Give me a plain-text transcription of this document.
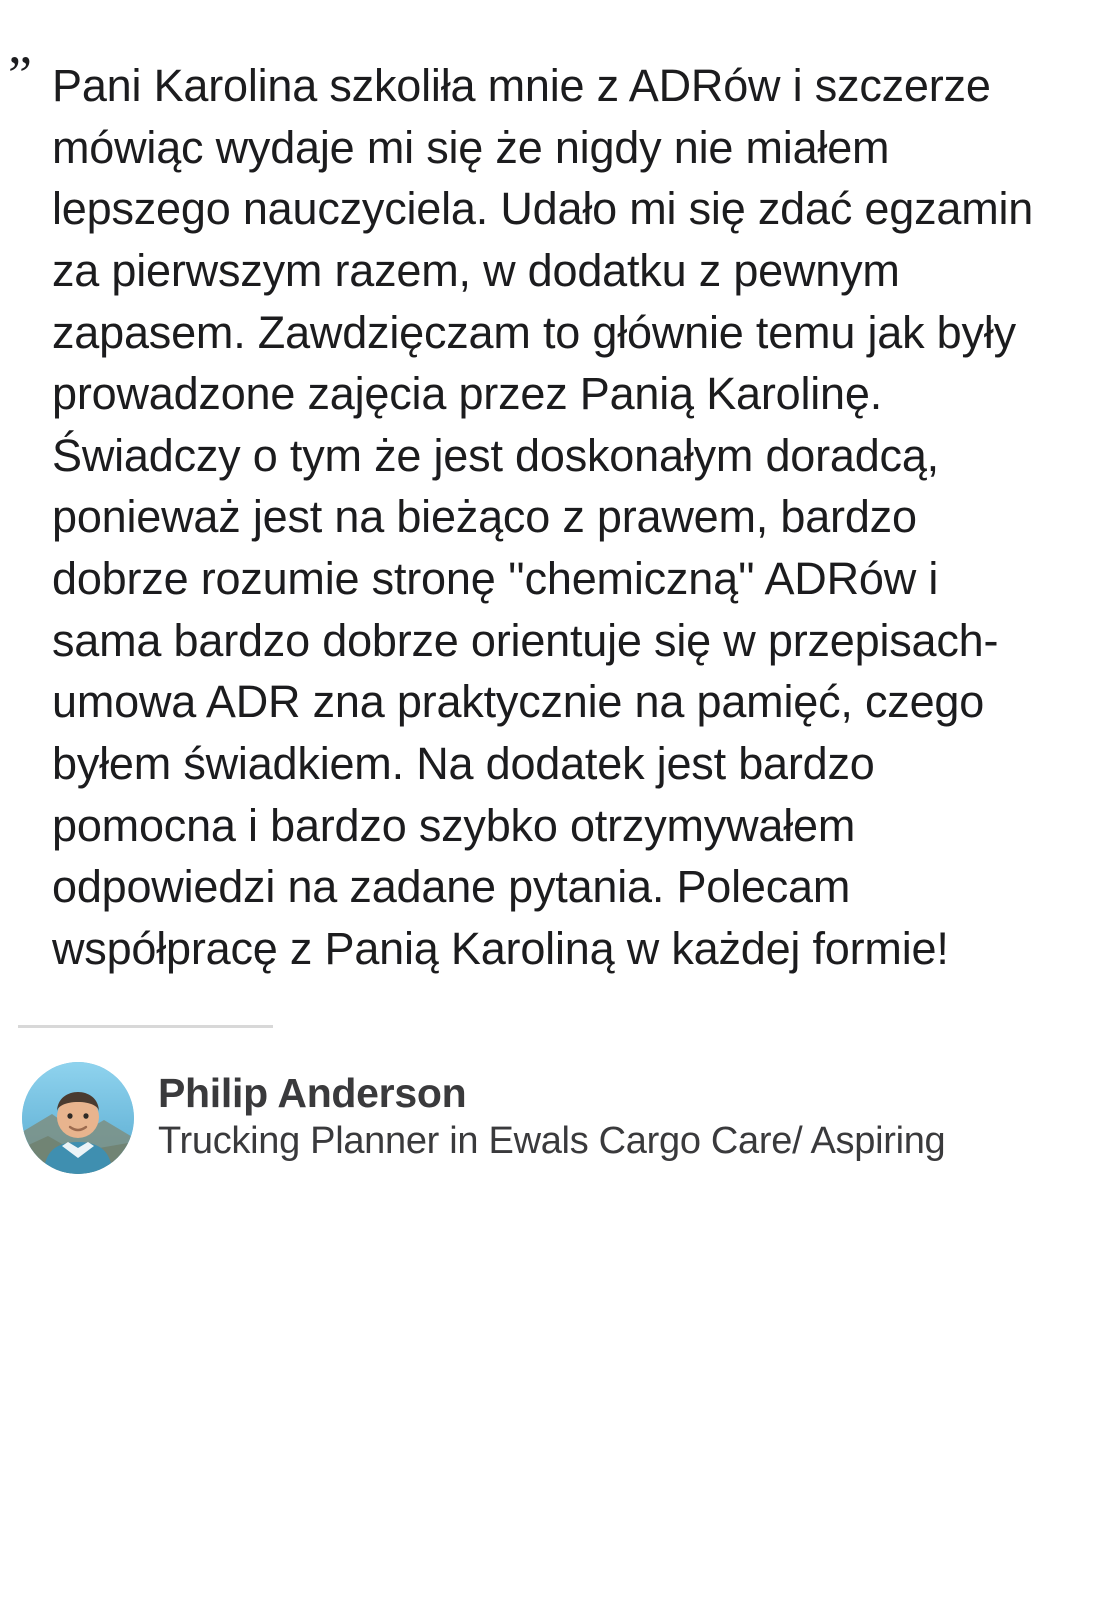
” Pani Karolina szkoliła mnie z ADRów i szczerze mówiąc wydaje mi się że nigdy nie miałem lepszego nauczyciela. Udało mi się zdać egzamin za pierwszym razem, w dodatku z pewnym zapasem. Zawdzięczam to głównie temu jak były prowadzone zajęcia przez Panią Karolinę. Świadczy o tym że jest doskonałym doradcą, ponieważ jest na bieżąco z prawem, bardzo dobrze rozumie stronę ''chemiczną'' ADRów i sama bardzo dobrze orientuje się w przepisach- umowa ADR zna praktycznie na pamięć, czego byłem świadkiem. Na dodatek jest bardzo pomocna i bardzo szybko otrzymywałem odpowiedzi na zadane pytania. Polecam współpracę z Panią Karoliną w każdej formie!

Philip Anderson
Trucking Planner in Ewals Cargo Care/ Aspiring
